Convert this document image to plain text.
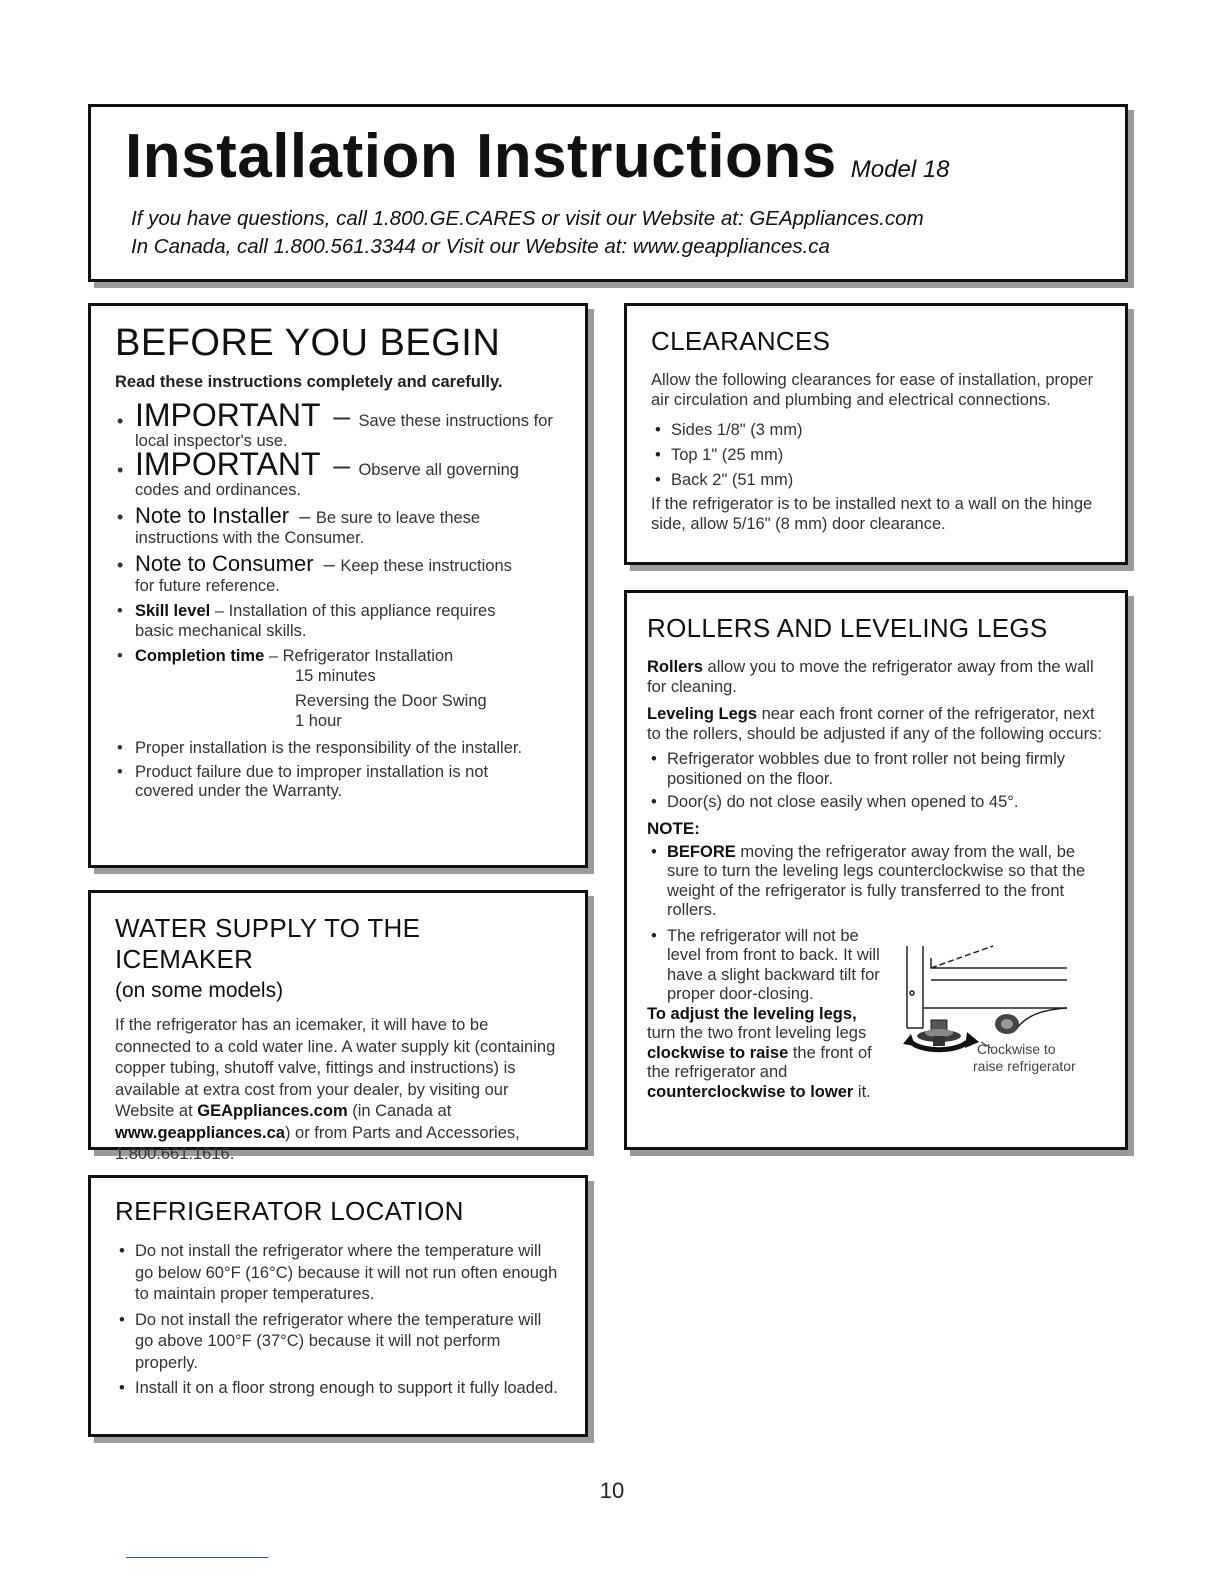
Installation Instructions Model 18
If you have questions, call 1.800.GE.CARES or visit our Website at: GEAppliances.com
In Canada, call 1.800.561.3344 or Visit our Website at: www.geappliances.ca
BEFORE YOU BEGIN
Read these instructions completely and carefully.
• IMPORTANT  – Save these instructions for
local inspector's use.
• IMPORTANT  – Observe all governing
codes and ordinances.
• Note to Installer  – Be sure to leave these
instructions with the Consumer.
• Note to Consumer  – Keep these instructions
for future reference.
• Skill level – Installation of this appliance requires
basic mechanical skills.
• Completion time – Refrigerator Installation
15 minutes
Reversing the Door Swing
1 hour
• Proper installation is the responsibility of the installer.
• Product failure due to improper installation is not
covered under the Warranty.
WATER SUPPLY TO THE ICEMAKER
(on some models)
If the refrigerator has an icemaker, it will have to be connected to a cold water line. A water supply kit (containing copper tubing, shutoff valve, fittings and instructions) is available at extra cost from your dealer, by visiting our Website at GEAppliances.com (in Canada at www.geappliances.ca) or from Parts and Accessories, 1.800.661.1616.
REFRIGERATOR LOCATION
• Do not install the refrigerator where the temperature will go below 60°F (16°C) because it will not run often enough to maintain proper temperatures.
• Do not install the refrigerator where the temperature will go above 100°F (37°C) because it will not perform properly.
• Install it on a floor strong enough to support it fully loaded.
CLEARANCES
Allow the following clearances for ease of installation, proper air circulation and plumbing and electrical connections.
• Sides 1/8" (3 mm)
• Top 1" (25 mm)
• Back 2" (51 mm)
If the refrigerator is to be installed next to a wall on the hinge side, allow 5/16" (8 mm) door clearance.
ROLLERS AND LEVELING LEGS
Rollers allow you to move the refrigerator away from the wall for cleaning.
Leveling Legs near each front corner of the refrigerator, next to the rollers, should be adjusted if any of the following occurs:
• Refrigerator wobbles due to front roller not being firmly positioned on the floor.
• Door(s) do not close easily when opened to 45°.
NOTE:
• BEFORE moving the refrigerator away from the wall, be sure to turn the leveling legs counterclockwise so that the weight of the refrigerator is fully transferred to the front rollers.
• The refrigerator will not be level from front to back. It will have a slight backward tilt for proper door-closing.
To adjust the leveling legs, turn the two front leveling legs clockwise to raise the front of the refrigerator and counterclockwise to lower it.
Clockwise to
raise refrigerator
10
